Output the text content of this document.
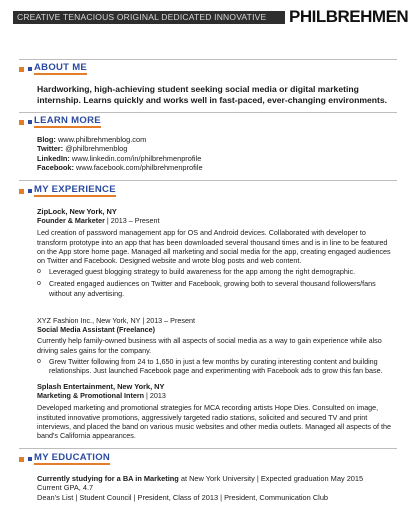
CREATIVE TENACIOUS ORIGINAL DEDICATED INNOVATIVE	PHILBREHMEN
ABOUT ME
Hardworking, high-achieving student seeking social media or digital marketing internship. Learns quickly and works well in fast-paced, ever-changing environments.
LEARN MORE
Blog: www.philbrehmenblog.com
Twitter: @philbrehmenblog
LinkedIn: www.linkedin.com/in/philbrehmenprofile
Facebook: www.facebook.com/philbrehmenprofile
MY EXPERIENCE
ZipLock, New York, NY
Founder & Marketer | 2013 – Present
Led creation of password management app for OS and Android devices. Collaborated with developer to transform prototype into an app that has been downloaded several thousand times and is in line to be featured on the App store home page. Managed all marketing and social media for the app, creating engaged audiences on Twitter and Facebook. Designed website and wrote blog posts and web content.
o	Leveraged guest blogging strategy to build awareness for the app among the right demographic.
o	Created engaged audiences on Twitter and Facebook, growing both to several thousand followers/fans without any advertising.
XYZ Fashion Inc., New York, NY | 2013 – Present
Social Media Assistant (Freelance)
Currently help family-owned business with all aspects of social media as a way to gain experience while also driving sales gains for the company.
o	Grew Twitter following from 24 to 1,650 in just a few months by curating interesting content and building relationships. Just launched Facebook page and experimenting with Facebook ads to grow this fan base.
Splash Entertainment, New York, NY
Marketing & Promotional Intern | 2013
Developed marketing and promotional strategies for MCA recording artists Hope Dies. Consulted on image, instituted innovative promotions, aggressively targeted radio stations, solicited and secured TV and print interviews, and placed the band on various music websites and other media outlets. Managed all aspects of the band's California appearances.
MY EDUCATION
Currently studying for a BA in Marketing at New York University | Expected graduation May 2015
Current GPA, 4.7
Dean's List | Student Council | President, Class of 2013 | President, Communication Club
